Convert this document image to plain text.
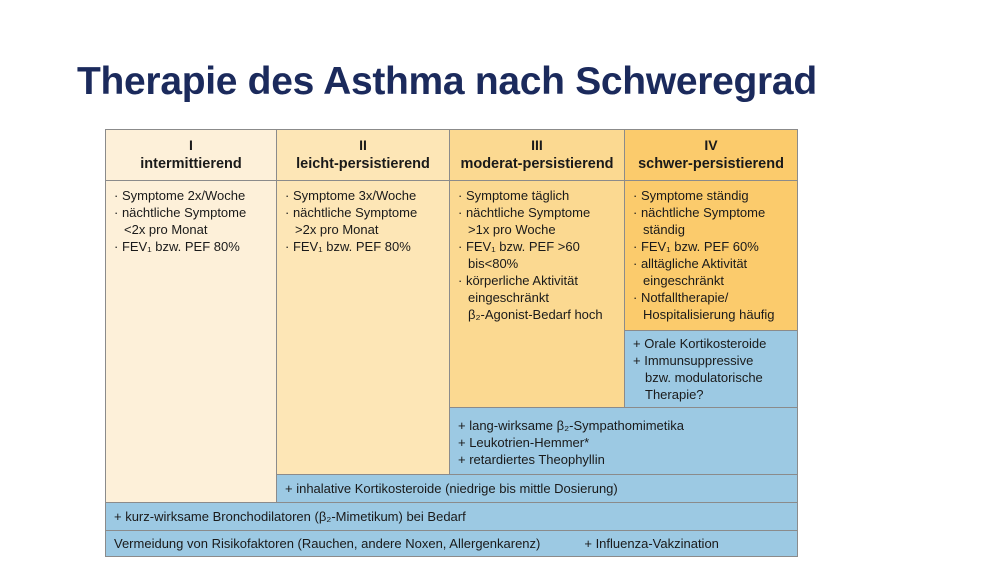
Therapie des Asthma nach Schweregrad
I
intermittierend
II
leicht-persistierend
III
moderat-persistierend
IV
schwer-persistierend
· Symptome 2x/Woche
· nächtliche Symptome
<2x pro Monat
· FEV₁ bzw. PEF 80%
· Symptome 3x/Woche
· nächtliche Symptome
>2x pro Monat
· FEV₁ bzw. PEF 80%
· Symptome täglich
· nächtliche Symptome
>1x pro Woche
· FEV₁ bzw. PEF >60
bis<80%
· körperliche Aktivität
eingeschränkt
β₂-Agonist-Bedarf hoch
· Symptome ständig
· nächtliche Symptome
ständig
· FEV₁ bzw. PEF 60%
· alltägliche Aktivität
eingeschränkt
· Notfalltherapie/
Hospitalisierung häufig
+ Orale Kortikosteroide
+ Immunsuppressive
bzw. modulatorische
Therapie?
+ lang-wirksame β₂-Sympathomimetika
+ Leukotrien-Hemmer*
+ retardiertes Theophyllin
+ inhalative Kortikosteroide (niedrige bis mittle Dosierung)
+ kurz-wirksame Bronchodilatoren (β₂-Mimetikum) bei Bedarf
Vermeidung von Risikofaktoren (Rauchen, andere Noxen, Allergenkarenz)	+ Influenza-Vakzination
